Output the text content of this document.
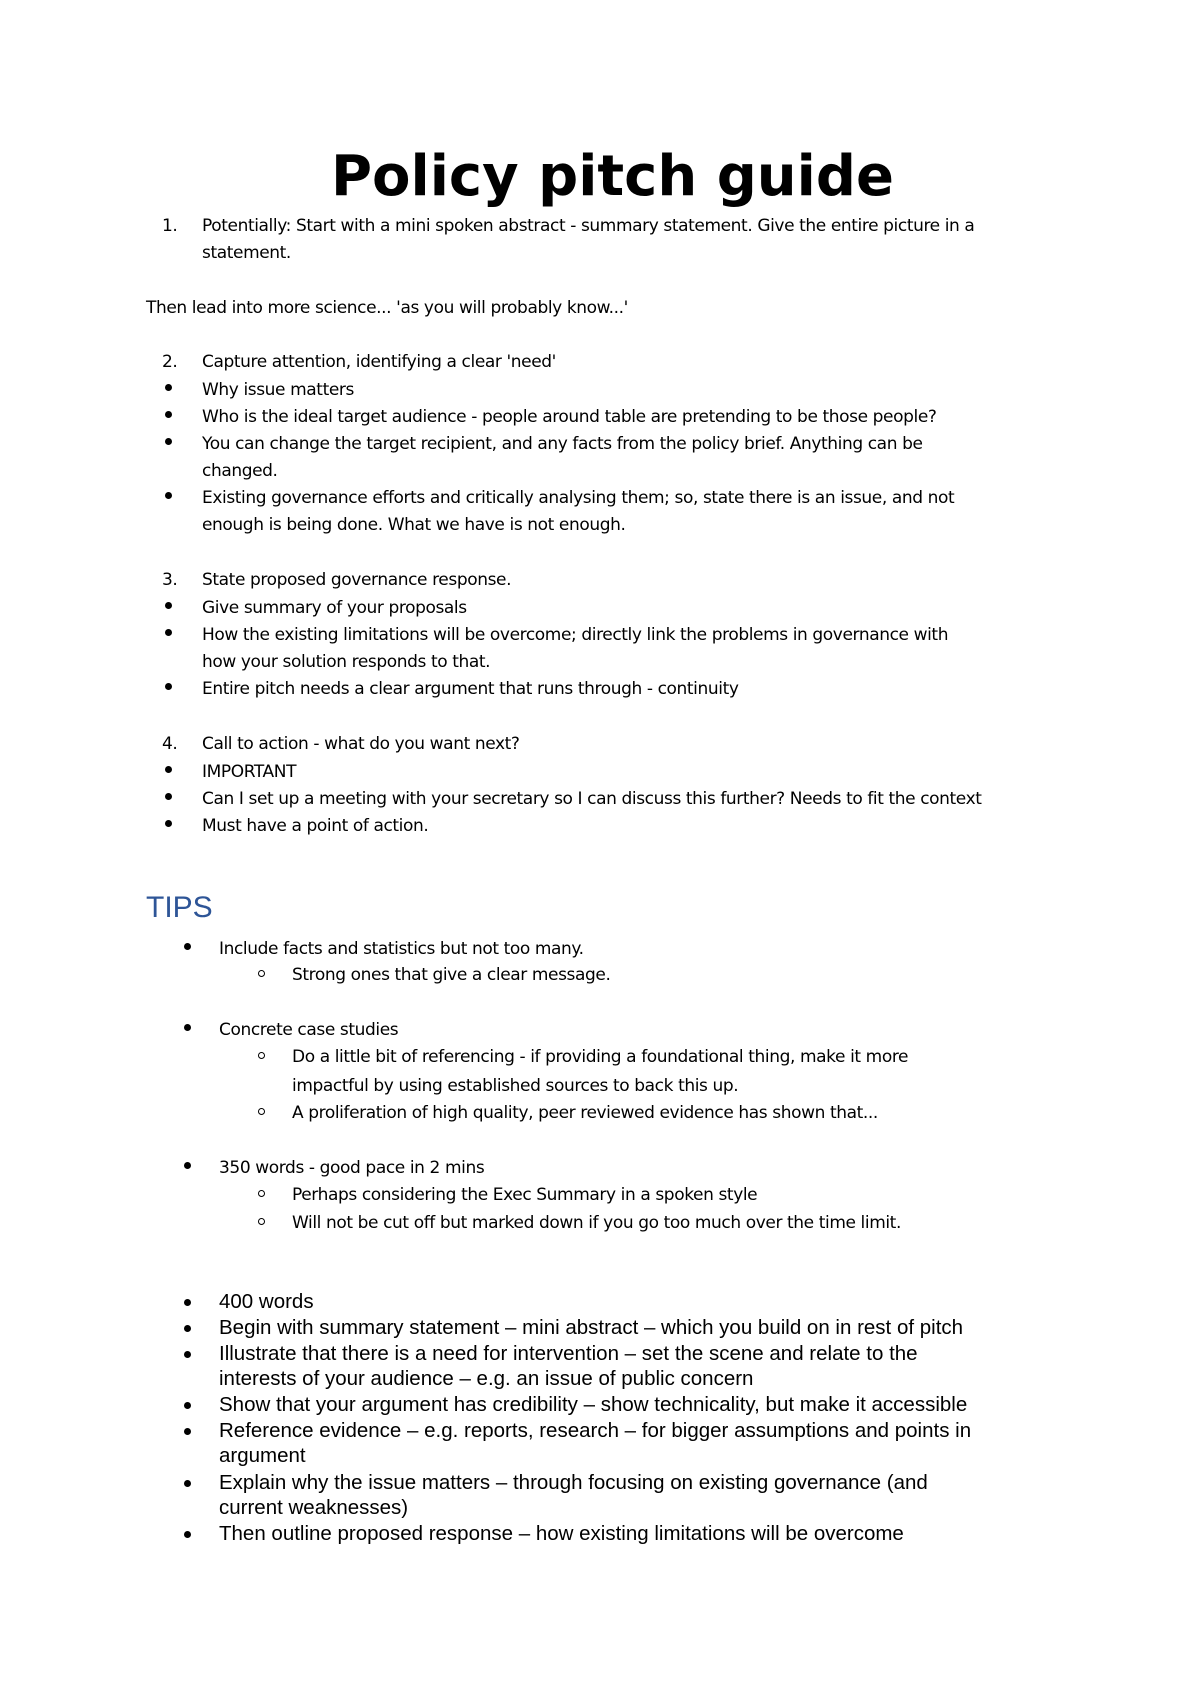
Policy pitch guide
1. Potentially: Start with a mini spoken abstract - summary statement. Give the entire picture in a
statement.
Then lead into more science... 'as you will probably know...'
2. Capture attention, identifying a clear 'need'
Why issue matters
Who is the ideal target audience - people around table are pretending to be those people?
You can change the target recipient, and any facts from the policy brief. Anything can be
changed.
Existing governance efforts and critically analysing them; so, state there is an issue, and not
enough is being done. What we have is not enough.
3. State proposed governance response.
Give summary of your proposals
How the existing limitations will be overcome; directly link the problems in governance with
how your solution responds to that.
Entire pitch needs a clear argument that runs through - continuity
4. Call to action - what do you want next?
IMPORTANT
Can I set up a meeting with your secretary so I can discuss this further? Needs to fit the context
Must have a point of action.
TIPS
Include facts and statistics but not too many.
Strong ones that give a clear message.
Concrete case studies
Do a little bit of referencing - if providing a foundational thing, make it more
impactful by using established sources to back this up.
A proliferation of high quality, peer reviewed evidence has shown that...
350 words - good pace in 2 mins
Perhaps considering the Exec Summary in a spoken style
Will not be cut off but marked down if you go too much over the time limit.
400 words
Begin with summary statement – mini abstract – which you build on in rest of pitch
Illustrate that there is a need for intervention – set the scene and relate to the
interests of your audience – e.g. an issue of public concern
Show that your argument has credibility – show technicality, but make it accessible
Reference evidence – e.g. reports, research – for bigger assumptions and points in
argument
Explain why the issue matters – through focusing on existing governance (and
current weaknesses)
Then outline proposed response – how existing limitations will be overcome
